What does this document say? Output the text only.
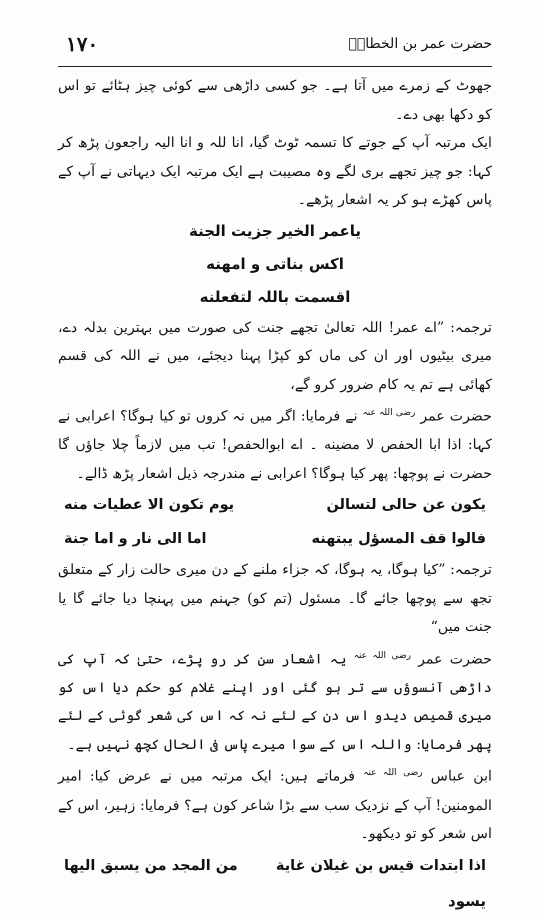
حضرت عمر بن الخطابؓ
۱۷۰

جھوٹ کے زمرے میں آتا ہے۔ جو کسی داڑھی سے کوئی چیز ہٹائے تو اس کو دکھا بھی دے۔

ایک مرتبہ آپ کے جوتے کا تسمہ ٹوٹ گیا، انا للہ و انا الیہ راجعون پڑھ کر کہا: جو چیز تجھے بری لگے وہ مصیبت ہے ایک مرتبہ ایک دیہاتی نے آپ کے پاس کھڑے ہو کر یہ اشعار پڑھے۔

یاعمر الخیر جزیت الجنة
اکس بناتی و امهنه
اقسمت باللہ لتفعلنه

ترجمہ: ”اے عمر! اللہ تعالیٰ تجھے جنت کی صورت میں بہترین بدلہ دے، میری بیٹیوں اور ان کی ماں کو کپڑا پہنا دیجئے، میں نے اللہ کی قسم کھائی ہے تم یہ کام ضرور کرو گے،

حضرت عمر $^{رضی اللہ عنہ}$ نے فرمایا: اگر میں نہ کروں تو کیا ہوگا؟ اعرابی نے کہا: اذا ابا الحفص لا مضینه ۔ اے ابوالحفص! تب میں لازماً چلا جاؤں گا حضرت نے پوچھا: پھر کیا ہوگا؟ اعرابی نے مندرجہ ذیل اشعار پڑھ ڈالے۔

یکون عن حالی لتسالن
یوم تکون الا عطیات منه
فالوا قف المسؤل یبتهنه
اما الی نار و اما جنة

ترجمہ: ”کیا ہوگا، یہ ہوگا، کہ جزاء ملنے کے دن میری حالت زار کے متعلق تجھ سے پوچھا جائے گا۔ مسئول (تم کو) جہنم میں پہنچا دیا جائے گا یا جنت میں“

حضرت عمر $^{رضی اللہ عنہ}$ یہ اشعار سن کر رو پڑے، حتیٰ کہ آپ کی داڑھی آنسوؤں سے تر ہو گئی اور اپنے غلام کو حکم دیا اس کو میری قمیص دیدو اس دن کے لئے نہ کہ اس کی شعر گوئی کے لئے پھر فرمایا: واللہ اس کے سوا میرے پاس فی الحال کچھ نہیں ہے۔

ابن عباس $^{رضی اللہ عنہ}$ فرماتے ہیں: ایک مرتبہ میں نے عرض کیا: امیر المومنین! آپ کے نزدیک سب سے بڑا شاعر کون ہے؟ فرمایا: زہیر، اس کے اس شعر کو تو دیکھو۔

اذا ابتدات قیس بن غیلان غایة
من المجد من یسبق الیها
یسود
